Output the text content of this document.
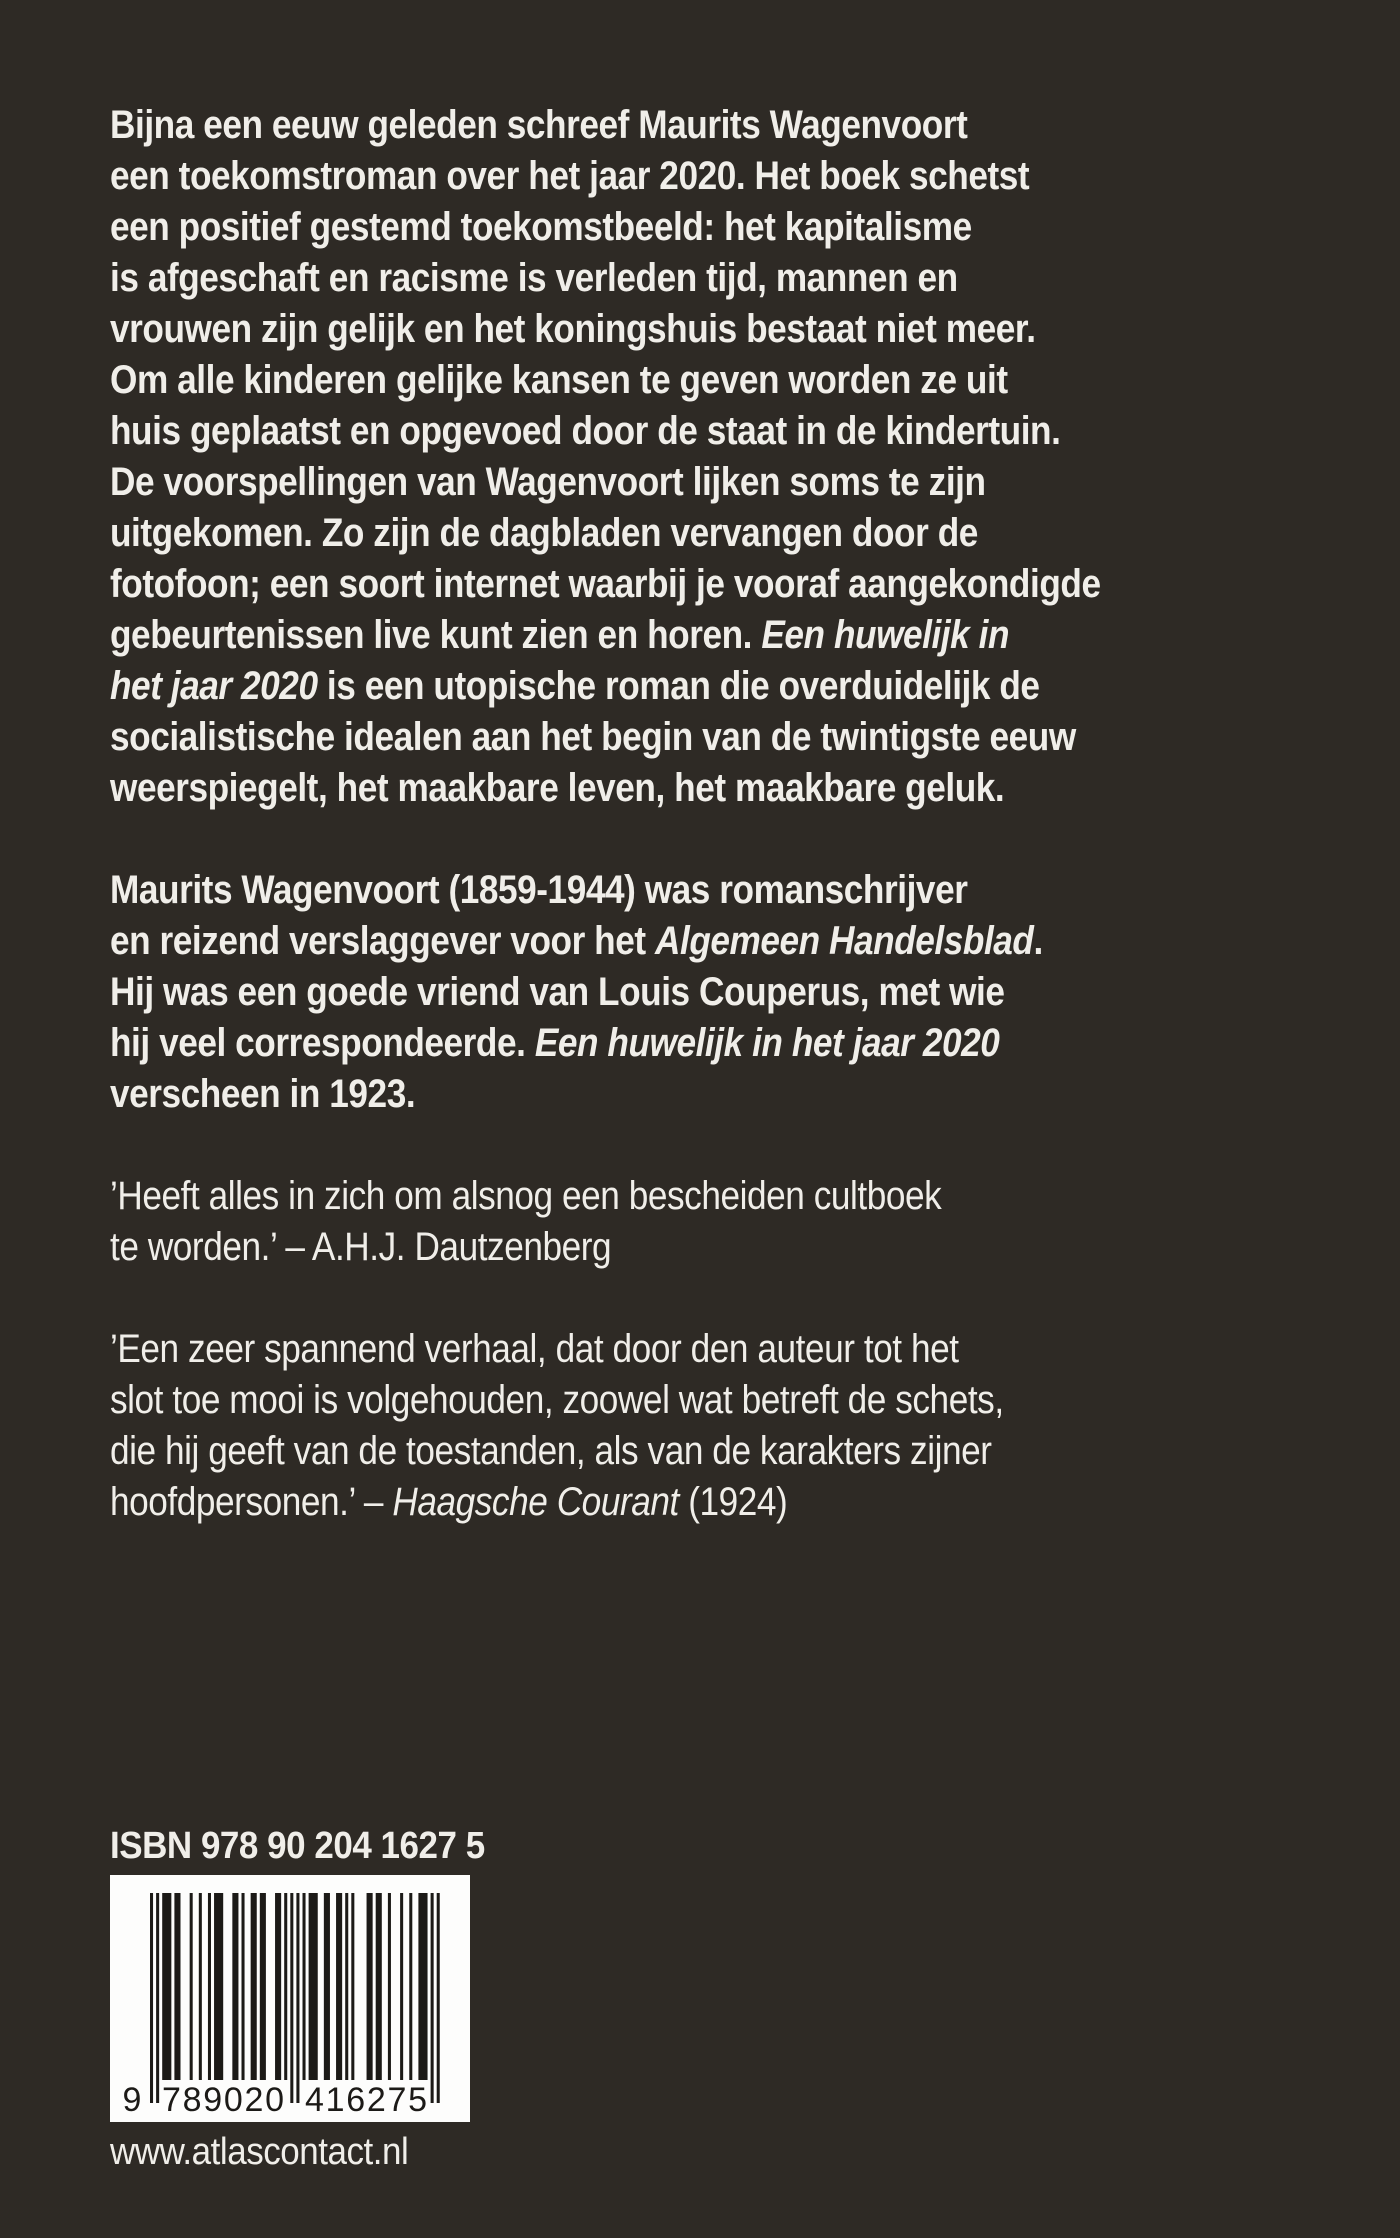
Bijna een eeuw geleden schreef Maurits Wagenvoort
een toekomstroman over het jaar 2020. Het boek schetst
een positief gestemd toekomstbeeld: het kapitalisme
is afgeschaft en racisme is verleden tijd, mannen en
vrouwen zijn gelijk en het koningshuis bestaat niet meer.
Om alle kinderen gelijke kansen te geven worden ze uit
huis geplaatst en opgevoed door de staat in de kindertuin.
De voorspellingen van Wagenvoort lijken soms te zijn
uitgekomen. Zo zijn de dagbladen vervangen door de
fotofoon; een soort internet waarbij je vooraf aangekondigde
gebeurtenissen live kunt zien en horen. Een huwelijk in
het jaar 2020 is een utopische roman die overduidelijk de
socialistische idealen aan het begin van de twintigste eeuw
weerspiegelt, het maakbare leven, het maakbare geluk.
Maurits Wagenvoort (1859-1944) was romanschrijver
en reizend verslaggever voor het Algemeen Handelsblad.
Hij was een goede vriend van Louis Couperus, met wie
hij veel correspondeerde. Een huwelijk in het jaar 2020
verscheen in 1923.
’Heeft alles in zich om alsnog een bescheiden cultboek
te worden.’ – A.H.J. Dautzenberg
’Een zeer spannend verhaal, dat door den auteur tot het
slot toe mooi is volgehouden, zoowel wat betreft de schets,
die hij geeft van de toestanden, als van de karakters zijner
hoofdpersonen.’ – Haagsche Courant (1924)
ISBN 978 90 204 1627 5
9 789020 416275
www.atlascontact.nl
